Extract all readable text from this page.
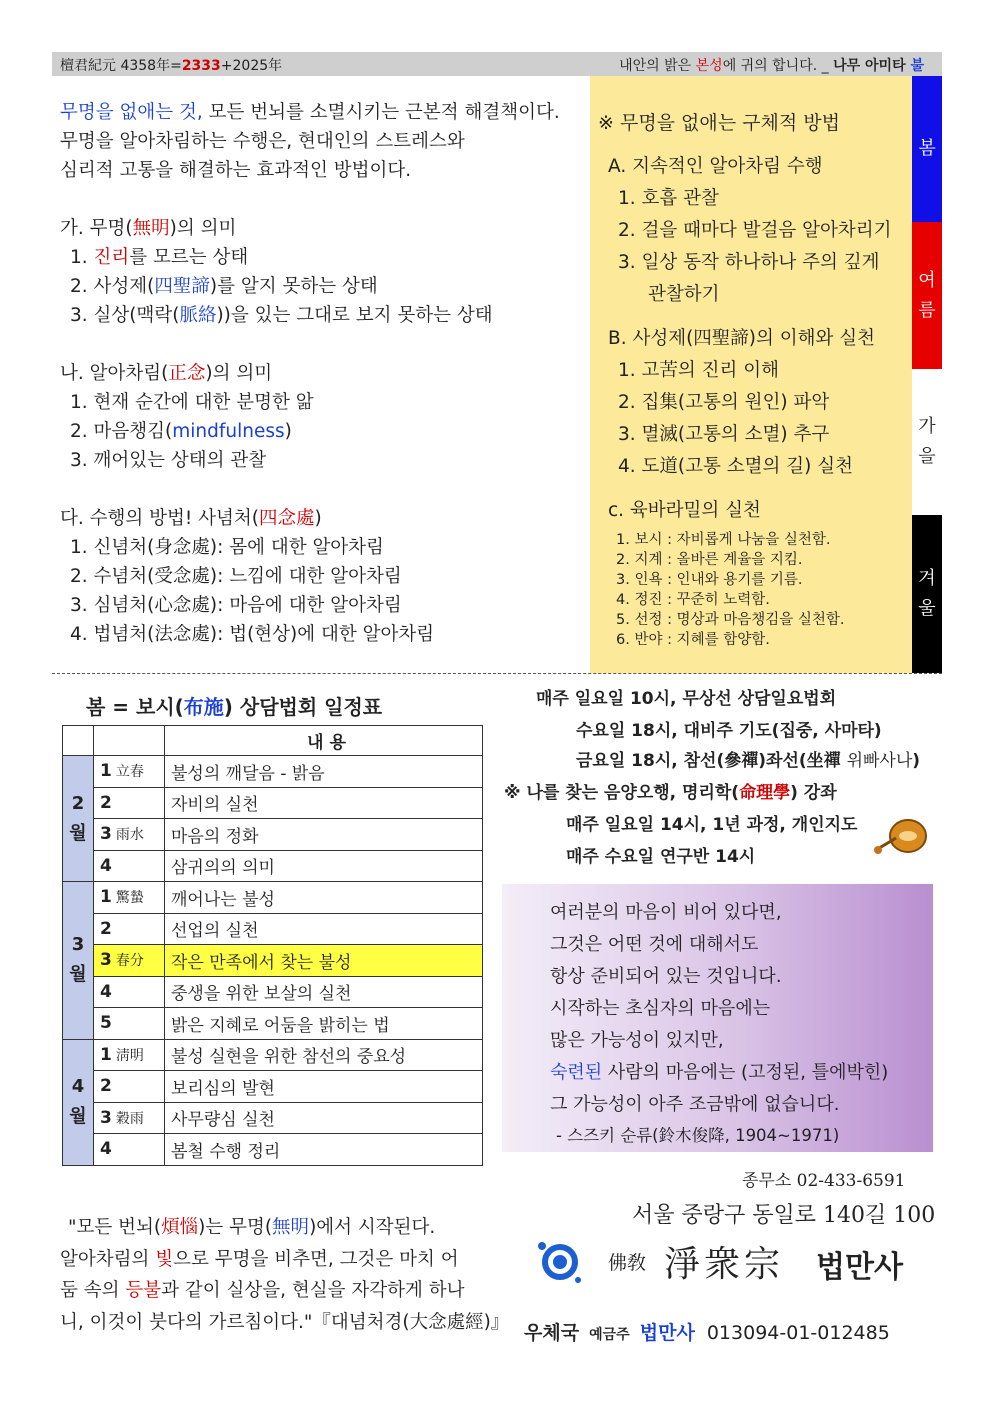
檀君紀元 4358年=2333+2025年	내안의 밝은 본성에 귀의 합니다. _ 나무 아미타 불
봄
여름
가을
겨울
무명을 없애는 것, 모든 번뇌를 소멸시키는 근본적 해결책이다.
무명을 알아차림하는 수행은, 현대인의 스트레스와
심리적 고통을 해결하는 효과적인 방법이다.

가. 무명(無明)의 의미
1. 진리를 모르는 상태
2. 사성제(四聖諦)를 알지 못하는 상태
3. 실상(맥락(脈絡))을 있는 그대로 보지 못하는 상태

나. 알아차림(正念)의 의미
1. 현재 순간에 대한 분명한 앎
2. 마음챙김(mindfulness)
3. 깨어있는 상태의 관찰

다. 수행의 방법! 사념처(四念處)
1. 신념처(身念處): 몸에 대한 알아차림
2. 수념처(受念處): 느낌에 대한 알아차림
3. 심념처(心念處): 마음에 대한 알아차림
4. 법념처(法念處): 법(현상)에 대한 알아차림
※ 무명을 없애는 구체적 방법
A. 지속적인 알아차림 수행
1. 호흡 관찰
2. 걸을 때마다 발걸음 알아차리기
3. 일상 동작 하나하나 주의 깊게
관찰하기
B. 사성제(四聖諦)의 이해와 실천
1. 고苦의 진리 이해
2. 집集(고통의 원인) 파악
3. 멸滅(고통의 소멸) 추구
4. 도道(고통 소멸의 길) 실천
c. 육바라밀의 실천
1. 보시 : 자비롭게 나눔을 실천함.
2. 지계 : 올바른 계율을 지킴.
3. 인욕 : 인내와 용기를 기름.
4. 정진 : 꾸준히 노력함.
5. 선정 : 명상과 마음챙김을 실천함.
6. 반야 : 지혜를 함양함.
봄 = 보시(布施) 상담법회 일정표
		내 용
2
월	1 立春	불성의 깨달음 - 밝음
	2	자비의 실천
	3 雨水	마음의 정화
	4	삼귀의의 의미
3
월	1 驚蟄	깨어나는 불성
	2	선업의 실천
	3 春分	작은 만족에서 찾는 불성
	4	중생을 위한 보살의 실천
	5	밝은 지혜로 어둠을 밝히는 법
4
월	1 淸明	불성 실현을 위한 참선의 중요성
	2	보리심의 발현
	3 穀雨	사무량심 실천
	4	봄철 수행 정리
매주 일요일 10시, 무상선 상담일요법회
수요일 18시, 대비주 기도(집중, 사마타)
금요일 18시, 참선(參禪)좌선(坐禪 위빠사나)
※ 나를 찾는 음양오행, 명리학(命理學) 강좌
매주 일요일 14시, 1년 과정, 개인지도
매주 수요일 연구반 14시
여러분의 마음이 비어 있다면,
그것은 어떤 것에 대해서도
항상 준비되어 있는 것입니다.
시작하는 초심자의 마음에는
많은 가능성이 있지만,
숙련된 사람의 마음에는 (고정된, 틀에박힌)
그 가능성이 아주 조금밖에 없습니다.
- 스즈키 순류(鈴木俊降, 1904~1971)
"모든 번뇌(煩惱)는 무명(無明)에서 시작된다.
알아차림의 빛으로 무명을 비추면, 그것은 마치 어
둠 속의 등불과 같이 실상을, 현실을 자각하게 하나
니, 이것이 붓다의 가르침이다."『대념처경(大念處經)』
종무소 02-433-6591
서울 중랑구 동일로 140길 100
佛敎 淨衆宗 법만사
우체국 예금주 법만사 013094-01-012485
